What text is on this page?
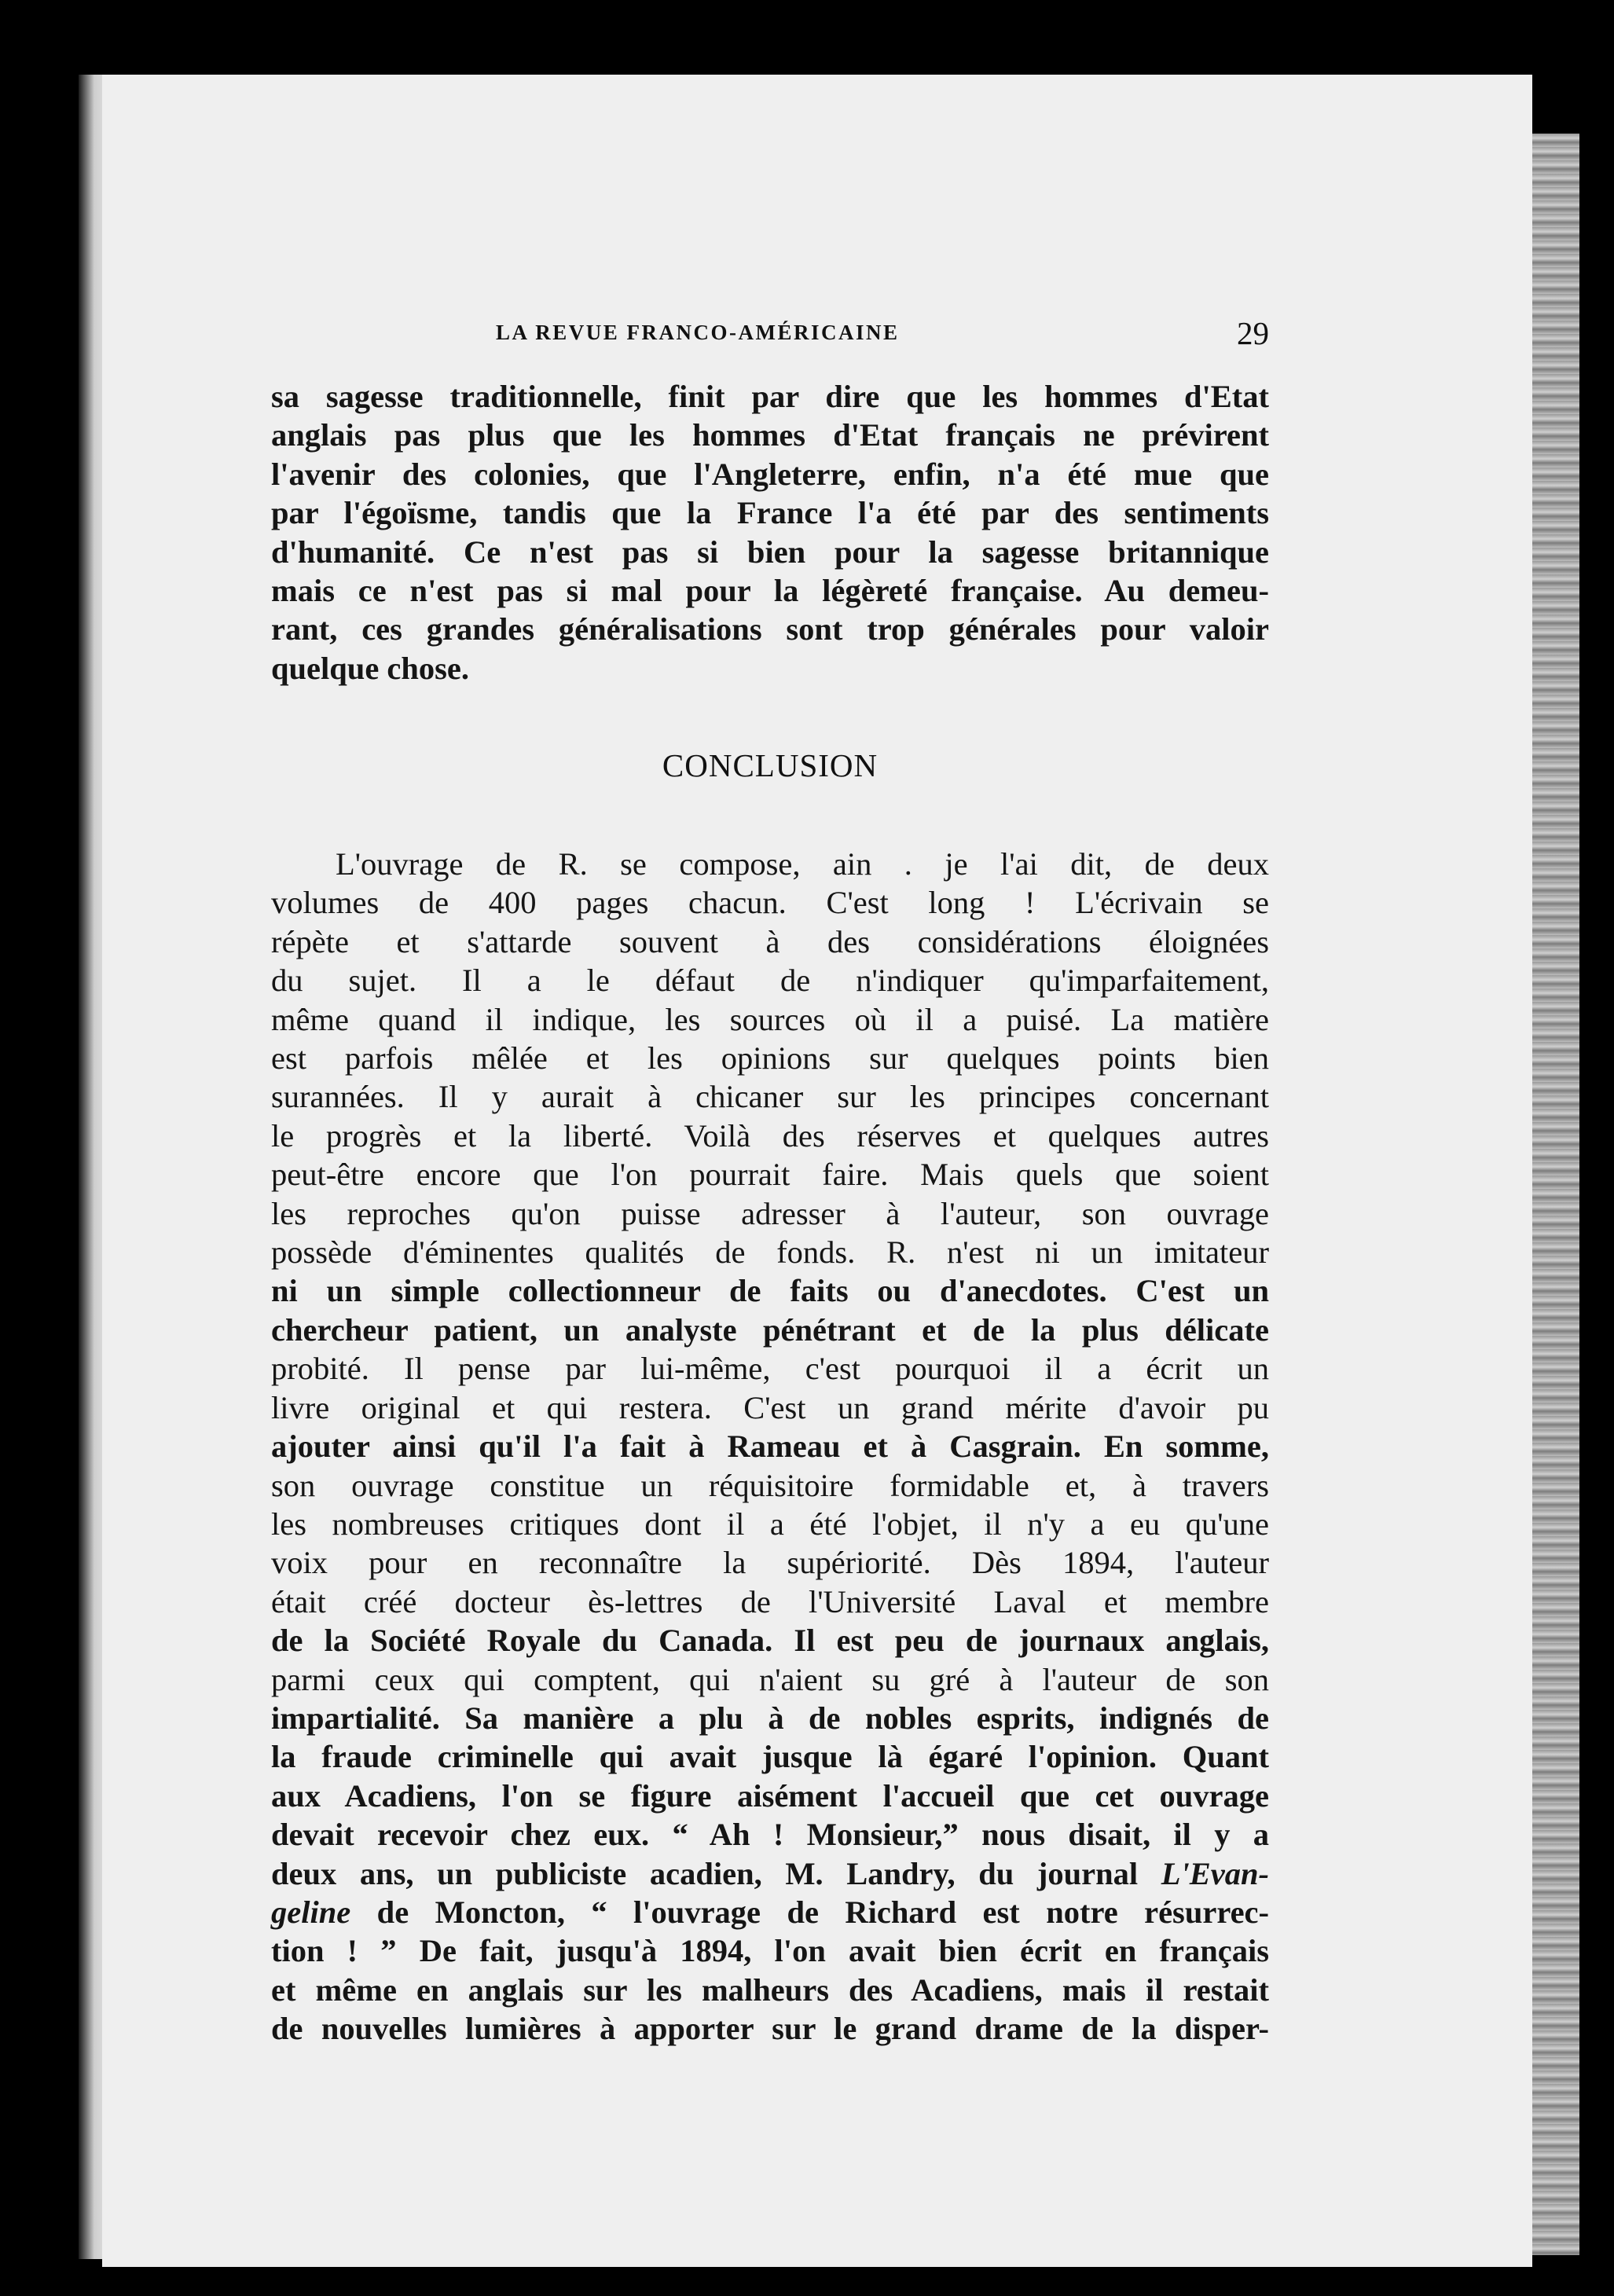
LA REVUE FRANCO-AMÉRICAINE	29
sa sagesse traditionnelle, finit par dire que les hommes d'Etat
anglais pas plus que les hommes d'Etat français ne prévirent
l'avenir des colonies, que l'Angleterre, enfin, n'a été mue que
par l'égoïsme, tandis que la France l'a été par des sentiments
d'humanité. Ce n'est pas si bien pour la sagesse britannique
mais ce n'est pas si mal pour la légèreté française. Au demeu-
rant, ces grandes généralisations sont trop générales pour valoir
quelque chose.
CONCLUSION
L'ouvrage de R. se compose, ain . je l'ai dit, de deux
volumes de 400 pages chacun. C'est long ! L'écrivain se
répète et s'attarde souvent à des considérations éloignées
du sujet. Il a le défaut de n'indiquer qu'imparfaitement,
même quand il indique, les sources où il a puisé. La matière
est parfois mêlée et les opinions sur quelques points bien
surannées. Il y aurait à chicaner sur les principes concernant
le progrès et la liberté. Voilà des réserves et quelques autres
peut-être encore que l'on pourrait faire. Mais quels que soient
les reproches qu'on puisse adresser à l'auteur, son ouvrage
possède d'éminentes qualités de fonds. R. n'est ni un imitateur
ni un simple collectionneur de faits ou d'anecdotes. C'est un
chercheur patient, un analyste pénétrant et de la plus délicate
probité. Il pense par lui-même, c'est pourquoi il a écrit un
livre original et qui restera. C'est un grand mérite d'avoir pu
ajouter ainsi qu'il l'a fait à Rameau et à Casgrain. En somme,
son ouvrage constitue un réquisitoire formidable et, à travers
les nombreuses critiques dont il a été l'objet, il n'y a eu qu'une
voix pour en reconnaître la supériorité. Dès 1894, l'auteur
était créé docteur ès-lettres de l'Université Laval et membre
de la Société Royale du Canada. Il est peu de journaux anglais,
parmi ceux qui comptent, qui n'aient su gré à l'auteur de son
impartialité. Sa manière a plu à de nobles esprits, indignés de
la fraude criminelle qui avait jusque là égaré l'opinion. Quant
aux Acadiens, l'on se figure aisément l'accueil que cet ouvrage
devait recevoir chez eux. “ Ah ! Monsieur,” nous disait, il y a
deux ans, un publiciste acadien, M. Landry, du journal L'Evan-
geline de Moncton, “ l'ouvrage de Richard est notre résurrec-
tion ! ” De fait, jusqu'à 1894, l'on avait bien écrit en français
et même en anglais sur les malheurs des Acadiens, mais il restait
de nouvelles lumières à apporter sur le grand drame de la disper-
